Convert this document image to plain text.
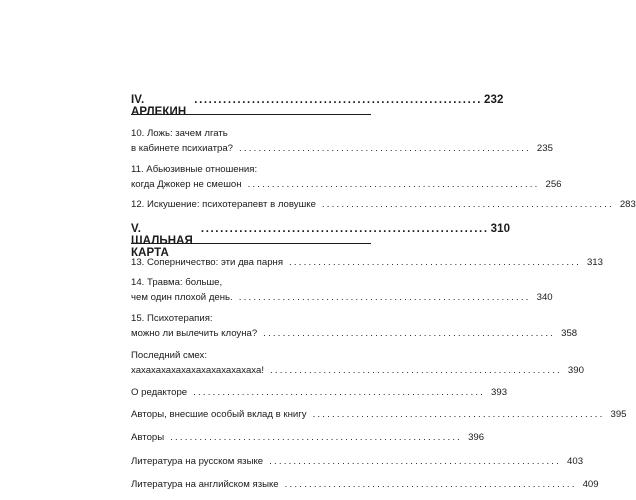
IV. АРЛЕКИН
............................................................ 232
10. Ложь: зачем лгать
в кабинете психиатра? ............................................................ 235
11. Абьюзивные отношения:
когда Джокер не смешон ............................................................ 256
12. Искушение: психотерапевт в ловушке ............................................................ 283
V. ШАЛЬНАЯ КАРТА
............................................................ 310
13. Соперничество: эти два парня ............................................................ 313
14. Травма: больше,
чем один плохой день. ............................................................ 340
15. Психотерапия:
можно ли вылечить клоуна? ............................................................ 358
Последний смех:
хахахахахахахахахахахахаха! ............................................................ 390
О редакторе ............................................................ 393
Авторы, внесшие особый вклад в книгу ............................................................ 395
Авторы ............................................................ 396
Литература на русском языке ............................................................ 403
Литература на английском языке ............................................................ 409
